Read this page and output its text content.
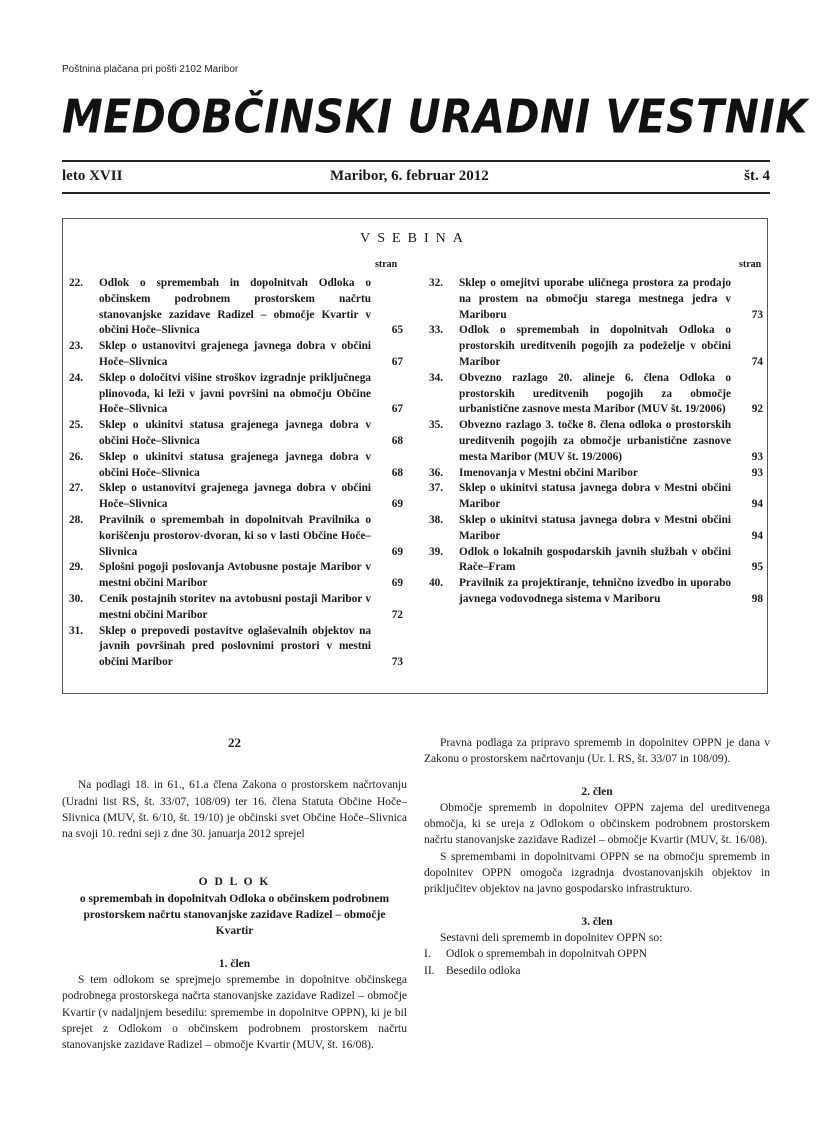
Poštnina plačana pri pošti 2102 Maribor
MEDOBČINSKI URADNI VESTNIK
leto XVII	Maribor, 6. februar 2012	št. 4
VSEBINA
stran	stran
22.	Odlok o spremembah in dopolnitvah Odloka o občinskem podrobnem prostorskem načrtu stanovanjske zazidave Radizel – območje Kvartir v občini Hoče–Slivnica	65
23.	Sklep o ustanovitvi grajenega javnega dobra v občini Hoče–Slivnica	67
24.	Sklep o določitvi višine stroškov izgradnje priključnega plinovoda, ki leži v javni površini na območju Občine Hoče–Slivnica	67
25.	Sklep o ukinitvi statusa grajenega javnega dobra v občini Hoče–Slivnica	68
26.	Sklep o ukinitvi statusa grajenega javnega dobra v občini Hoče–Slivnica	68
27.	Sklep o ustanovitvi grajenega javnega dobra v občini Hoče–Slivnica	69
28.	Pravilnik o spremembah in dopolnitvah Pravilnika o koriščenju prostorov-dvoran, ki so v lasti Občine Hoče–Slivnica	69
29.	Splošni pogoji poslovanja Avtobusne postaje Maribor v mestni občini Maribor	69
30.	Cenik postajnih storitev na avtobusni postaji Maribor v mestni občini Maribor	72
31.	Sklep o prepovedi postavitve oglaševalnih objektov na javnih površinah pred poslovnimi prostori v mestni občini Maribor	73
32.	Sklep o omejitvi uporabe uličnega prostora za prodajo na prostem na območju starega mestnega jedra v Mariboru	73
33.	Odlok o spremembah in dopolnitvah Odloka o prostorskih ureditvenih pogojih za podeželje v občini Maribor	74
34.	Obvezno razlago 20. alineje 6. člena Odloka o prostorskih ureditvenih pogojih za območje urbanistične zasnove mesta Maribor (MUV št. 19/2006)	92
35.	Obvezno razlago 3. točke 8. člena odloka o prostorskih ureditvenih pogojih za območje urbanistične zasnove mesta Maribor (MUV št. 19/2006)	93
36.	Imenovanja v Mestni občini Maribor	93
37.	Sklep o ukinitvi statusa javnega dobra v Mestni občini Maribor	94
38.	Sklep o ukinitvi statusa javnega dobra v Mestni občini Maribor	94
39.	Odlok o lokalnih gospodarskih javnih službah v občini Rače–Fram	95
40.	Pravilnik za projektiranje, tehnično izvedbo in uporabo javnega vodovodnega sistema v Mariboru	98

22

Na podlagi 18. in 61., 61.a člena Zakona o prostorskem načrtovanju (Uradni list RS, št. 33/07, 108/09) ter 16. člena Statuta Občine Hoče–Slivnica (MUV, št. 6/10, št. 19/10) je občinski svet Občine Hoče–Slivnica na svoji 10. redni seji z dne 30. januarja 2012 sprejel

O D L O K

o spremembah in dopolnitvah Odloka o občinskem podrobnem prostorskem načrtu stanovanjske zazidave Radizel – območje Kvartir

1. člen

S tem odlokom se sprejmejo spremembe in dopolnitve občinskega podrobnega prostorskega načrta stanovanjske zazidave Radizel – območje Kvartir (v nadaljnjem besedilu: spremembe in dopolnitve OPPN), ki je bil sprejet z Odlokom o občinskem podrobnem prostorskem načrtu stanovanjske zazidave Radizel – območje Kvartir (MUV, št. 16/08).

Pravna podlaga za pripravo sprememb in dopolnitev OPPN je dana v Zakonu o prostorskem načrtovanju (Ur. l. RS, št. 33/07 in 108/09).

2. člen

Območje sprememb in dopolnitev OPPN zajema del ureditvenega območja, ki se ureja z Odlokom o občinskem podrobnem prostorskem načrtu stanovanjske zazidave Radizel – območje Kvartir (MUV, št. 16/08).

S spremembami in dopolnitvami OPPN se na območju sprememb in dopolnitev OPPN omogoča izgradnja dvostanovanjskih objektov in priključitev objektov na javno gospodarsko infrastrukturo.

3. člen

Sestavni deli sprememb in dopolnitev OPPN so:

I.	Odlok o spremembah in dopolnitvah OPPN
II. Besedilo odloka
